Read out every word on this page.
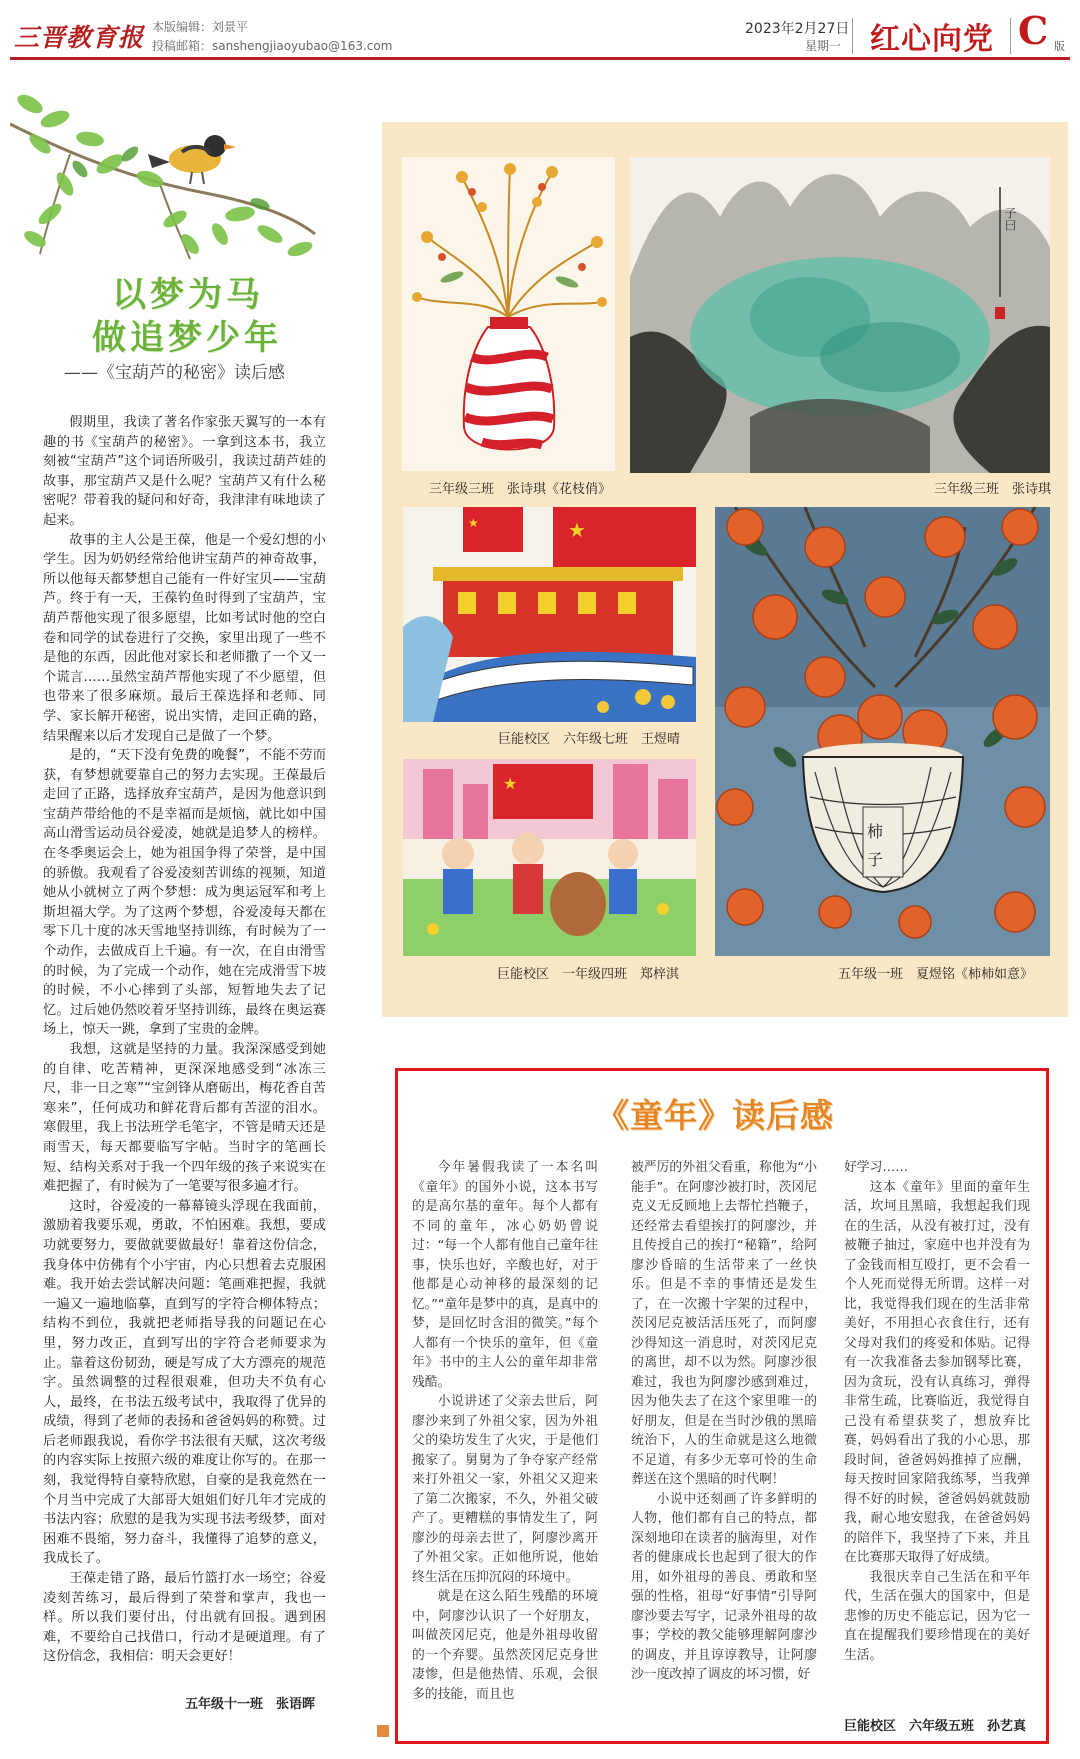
三晋教育报 本版编辑：刘景平
投稿邮箱：sanshengjiaoyubao@163.com
2023年2月27日
星期一 红心向党 C 版
以梦为马
做追梦少年
——《宝葫芦的秘密》读后感

假期里，我读了著名作家张天翼写的一本有趣的书《宝葫芦的秘密》。一拿到这本书，我立刻被“宝葫芦”这个词语所吸引，我读过葫芦娃的故事，那宝葫芦又是什么呢？宝葫芦又有什么秘密呢？带着我的疑问和好奇，我津津有味地读了起来。

故事的主人公是王葆，他是一个爱幻想的小学生。因为奶奶经常给他讲宝葫芦的神奇故事，所以他每天都梦想自己能有一件好宝贝——宝葫芦。终于有一天，王葆钓鱼时得到了宝葫芦，宝葫芦帮他实现了很多愿望，比如考试时他的空白卷和同学的试卷进行了交换，家里出现了一些不是他的东西，因此他对家长和老师撒了一个又一个谎言……虽然宝葫芦帮他实现了不少愿望，但也带来了很多麻烦。最后王葆选择和老师、同学、家长解开秘密，说出实情，走回正确的路，结果醒来以后才发现自己是做了一个梦。

是的，“天下没有免费的晚餐”，不能不劳而获，有梦想就要靠自己的努力去实现。王葆最后走回了正路，选择放弃宝葫芦，是因为他意识到宝葫芦带给他的不是幸福而是烦恼，就比如中国高山滑雪运动员谷爱凌，她就是追梦人的榜样。在冬季奥运会上，她为祖国争得了荣誉，是中国的骄傲。我观看了谷爱凌刻苦训练的视频，知道她从小就树立了两个梦想：成为奥运冠军和考上斯坦福大学。为了这两个梦想，谷爱凌每天都在零下几十度的冰天雪地坚持训练，有时候为了一个动作，去做成百上千遍。有一次，在自由滑雪的时候，为了完成一个动作，她在完成滑雪下坡的时候，不小心摔到了头部，短暂地失去了记忆。过后她仍然咬着牙坚持训练，最终在奥运赛场上，惊天一跳，拿到了宝贵的金牌。

我想，这就是坚持的力量。我深深感受到她的自律、吃苦精神，更深深地感受到“冰冻三尺，非一日之寒”“宝剑锋从磨砺出，梅花香自苦寒来”，任何成功和鲜花背后都有苦涩的泪水。寒假里，我上书法班学毛笔字，不管是晴天还是雨雪天，每天都要临写字帖。当时字的笔画长短、结构关系对于我一个四年级的孩子来说实在难把握了，有时候为了一笔要写很多遍才行。

这时，谷爱凌的一幕幕镜头浮现在我面前，激励着我要乐观，勇敢，不怕困难。我想，要成功就要努力，要做就要做最好！靠着这份信念，我身体中仿佛有个小宇宙，内心只想着去克服困难。我开始去尝试解决问题：笔画难把握，我就一遍又一遍地临摹，直到写的字符合柳体特点；结构不到位，我就把老师指导我的问题记在心里，努力改正，直到写出的字符合老师要求为止。靠着这份韧劲，硬是写成了大方漂亮的规范字。虽然调整的过程很艰难，但功夫不负有心人，最终，在书法五级考试中，我取得了优异的成绩，得到了老师的表扬和爸爸妈妈的称赞。过后老师跟我说，看你学书法很有天赋，这次考级的内容实际上按照六级的难度让你写的。在那一刻，我觉得特自豪特欣慰，自豪的是我竟然在一个月当中完成了大部哥大姐姐们好几年才完成的书法内容；欣慰的是我为实现书法考级梦，面对困难不畏缩，努力奋斗，我懂得了追梦的意义，我成长了。

王葆走错了路，最后竹篮打水一场空；谷爱凌刻苦练习，最后得到了荣誉和掌声，我也一样。所以我们要付出，付出就有回报。遇到困难，不要给自己找借口，行动才是硬道理。有了这份信念，我相信：明天会更好！

五年级十一班　张语晖
三年级三班　张诗琪《花枝俏》
子曰
三年级三班　张诗琪
★
★
巨能校区　六年级七班　王煜晴
★
巨能校区　一年级四班　郑梓淇
柿
子
五年级一班　夏煜铭《柿柿如意》
《童年》读后感

今年暑假我读了一本名叫《童年》的国外小说，这本书写的是高尔基的童年。每个人都有不同的童年，冰心奶奶曾说过：“每一个人都有他自己童年往事，快乐也好，辛酸也好，对于他都是心动神移的最深刻的记忆。”“童年是梦中的真，是真中的梦，是回忆时含泪的微笑。”每个人都有一个快乐的童年，但《童年》书中的主人公的童年却非常残酷。

小说讲述了父亲去世后，阿廖沙来到了外祖父家，因为外祖父的染坊发生了火灾，于是他们搬家了。舅舅为了争夺家产经常来打外祖父一家，外祖父又迎来了第二次搬家，不久，外祖父破产了。更糟糕的事情发生了，阿廖沙的母亲去世了，阿廖沙离开了外祖父家。正如他所说，他始终生活在压抑沉闷的环境中。

就是在这么陌生残酷的环境中，阿廖沙认识了一个好朋友，叫做茨冈尼克，他是外祖母收留的一个弃婴。虽然茨冈尼克身世凄惨，但是他热情、乐观，会很多的技能，而且也

被严厉的外祖父看重，称他为“小能手”。在阿廖沙被打时，茨冈尼克义无反顾地上去帮忙挡鞭子，还经常去看望挨打的阿廖沙，并且传授自己的挨打“秘籍”，给阿廖沙昏暗的生活带来了一丝快乐。但是不幸的事情还是发生了，在一次搬十字架的过程中，茨冈尼克被活活压死了，而阿廖沙得知这一消息时，对茨冈尼克的离世，却不以为然。阿廖沙很难过，我也为阿廖沙感到难过，因为他失去了在这个家里唯一的好朋友，但是在当时沙俄的黑暗统治下，人的生命就是这么地微不足道，有多少无辜可怜的生命葬送在这个黑暗的时代啊！

小说中还刻画了许多鲜明的人物，他们都有自己的特点，都深刻地印在读者的脑海里，对作者的健康成长也起到了很大的作用，如外祖母的善良、勇敢和坚强的性格，祖母“好事情”引导阿廖沙要去写字，记录外祖母的故事；学校的教父能够理解阿廖沙的调皮，并且谆谆教导，让阿廖沙一度改掉了调皮的坏习惯，好

好学习……

这本《童年》里面的童年生活，坎坷且黑暗，我想起我们现在的生活，从没有被打过，没有被鞭子抽过，家庭中也并没有为了金钱而相互殴打，更不会看一个人死而觉得无所谓。这样一对比，我觉得我们现在的生活非常美好，不用担心衣食住行，还有父母对我们的疼爱和体贴。记得有一次我准备去参加钢琴比赛，因为贪玩，没有认真练习，弹得非常生疏，比赛临近，我觉得自己没有希望获奖了，想放弃比赛，妈妈看出了我的小心思，那段时间，爸爸妈妈推掉了应酬，每天按时回家陪我练琴，当我弹得不好的时候，爸爸妈妈就鼓励我，耐心地安慰我，在爸爸妈妈的陪伴下，我坚持了下来，并且在比赛那天取得了好成绩。

我很庆幸自己生活在和平年代，生活在强大的国家中，但是悲惨的历史不能忘记，因为它一直在提醒我们要珍惜现在的美好生活。

巨能校区　六年级五班　孙艺真
